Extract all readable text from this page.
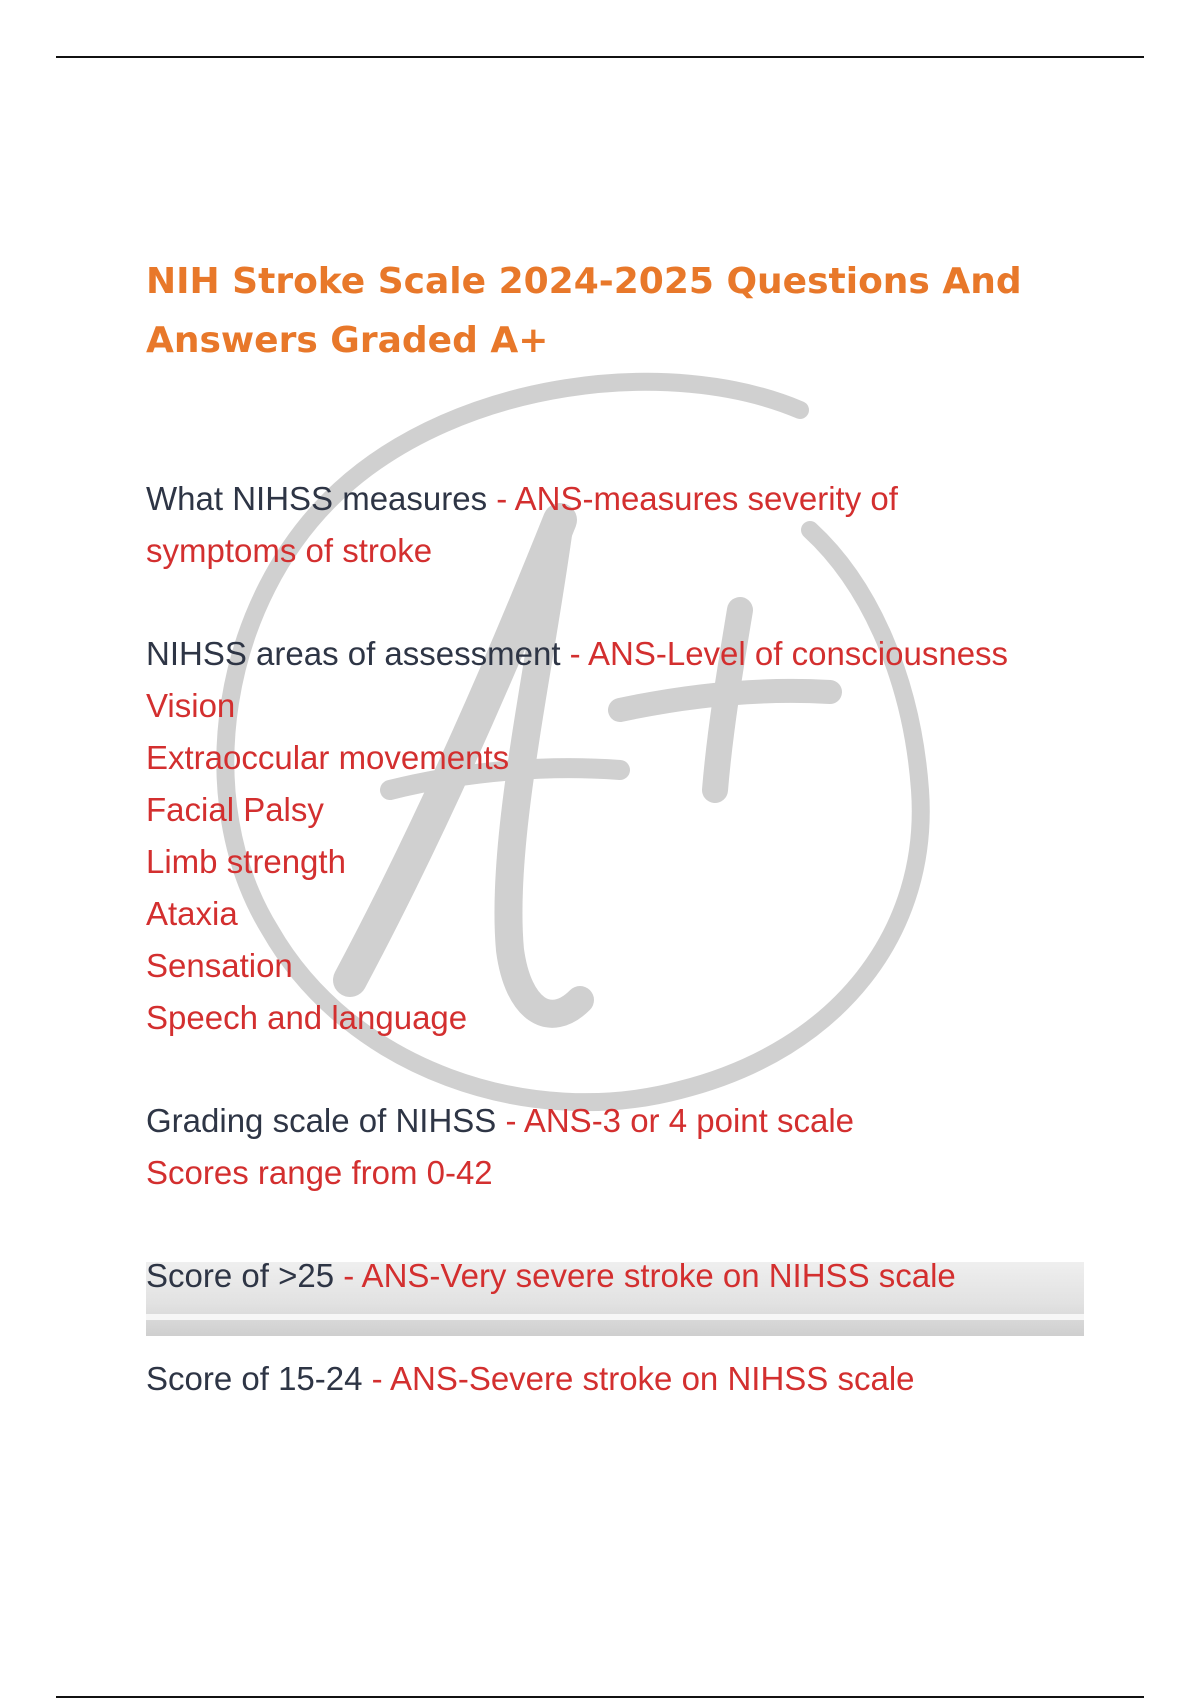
NIH Stroke Scale 2024-2025 Questions And Answers Graded A+

What NIHSS measures - ANS-measures severity of
symptoms of stroke

NIHSS areas of assessment - ANS-Level of consciousness
Vision
Extraoccular movements
Facial Palsy
Limb strength
Ataxia
Sensation
Speech and language

Grading scale of NIHSS - ANS-3 or 4 point scale
Scores range from 0-42

Score of >25 - ANS-Very severe stroke on NIHSS scale

Score of 15-24 - ANS-Severe stroke on NIHSS scale
